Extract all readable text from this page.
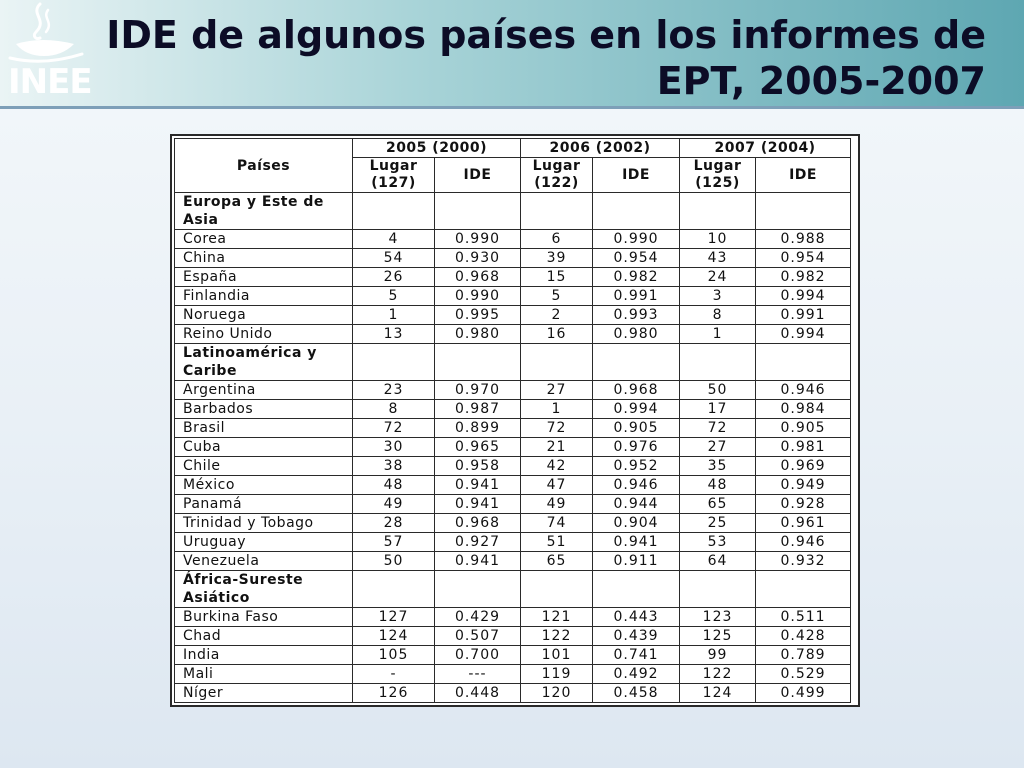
INEE
IDE de algunos países en los informes de
EPT, 2005-2007
Países	2005 (2000)		2006 (2002)		2007 (2004)	
	Lugar (127)	IDE	Lugar (122)	IDE	Lugar (125)	IDE
Europa y Este de Asia						
Corea	4	0.990	6	0.990	10	0.988
China	54	0.930	39	0.954	43	0.954
España	26	0.968	15	0.982	24	0.982
Finlandia	5	0.990	5	0.991	3	0.994
Noruega	1	0.995	2	0.993	8	0.991
Reino Unido	13	0.980	16	0.980	1	0.994
Latinoamérica y Caribe						
Argentina	23	0.970	27	0.968	50	0.946
Barbados	8	0.987	1	0.994	17	0.984
Brasil	72	0.899	72	0.905	72	0.905
Cuba	30	0.965	21	0.976	27	0.981
Chile	38	0.958	42	0.952	35	0.969
México	48	0.941	47	0.946	48	0.949
Panamá	49	0.941	49	0.944	65	0.928
Trinidad y Tobago	28	0.968	74	0.904	25	0.961
Uruguay	57	0.927	51	0.941	53	0.946
Venezuela	50	0.941	65	0.911	64	0.932
África-Sureste Asiático						
Burkina Faso	127	0.429	121	0.443	123	0.511
Chad	124	0.507	122	0.439	125	0.428
India	105	0.700	101	0.741	99	0.789
Mali	-	---	119	0.492	122	0.529
Níger	126	0.448	120	0.458	124	0.499
